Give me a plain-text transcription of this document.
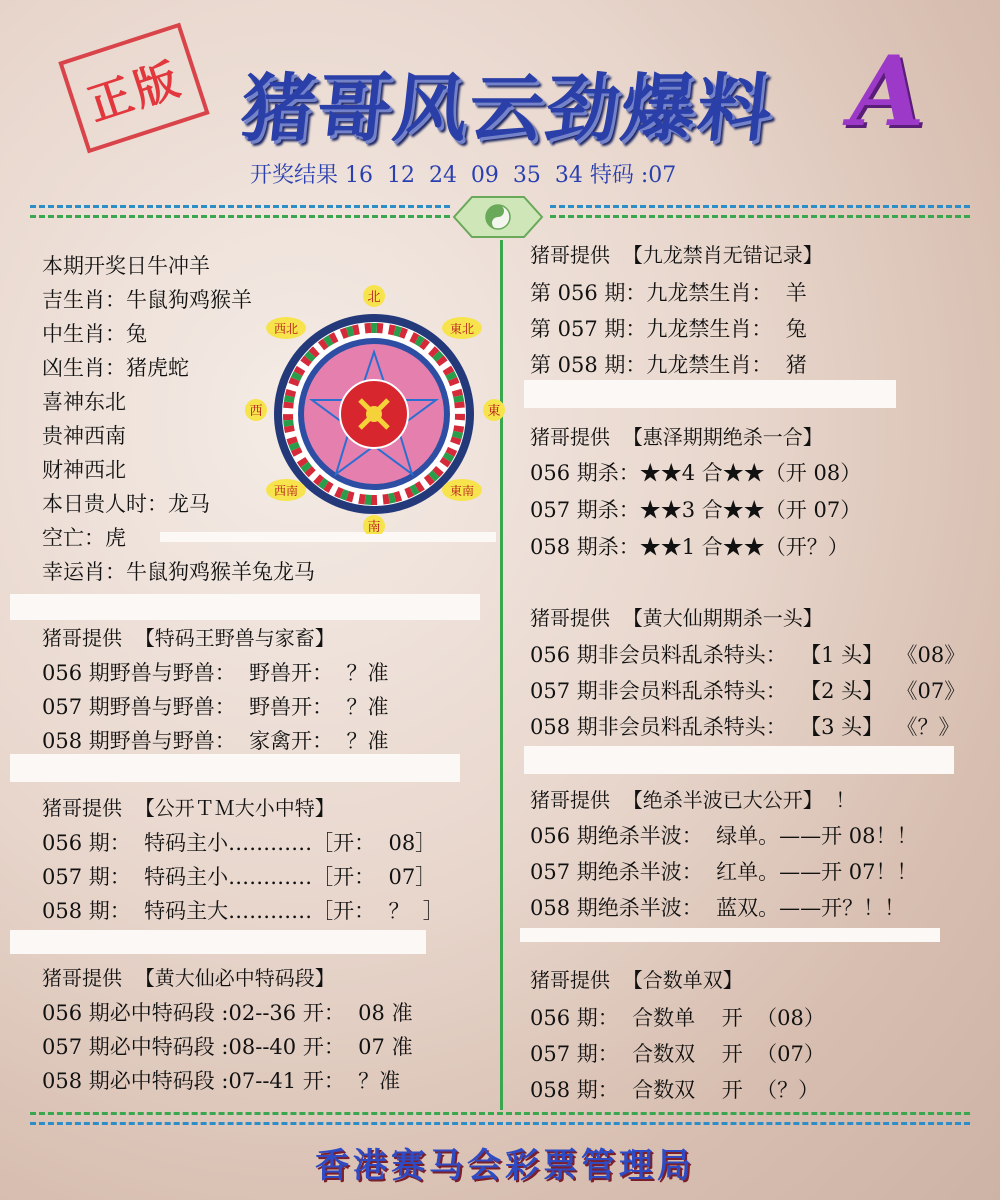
正版 猪哥风云劲爆料 A
开奖结果 16  12  24  09  35  34 特码 :07
本期开奖日牛冲羊
吉生肖：牛鼠狗鸡猴羊
中生肖：兔
凶生肖：猪虎蛇
喜神东北
贵神西南
财神西北
本日贵人时：龙马
空亡：虎
幸运肖：牛鼠狗鸡猴羊兔龙马
北
南
西	東
西北	東北
西南	東南
猪哥提供  【特码王野兽与家畜】
056 期野兽与野兽：  野兽开：  ？准
057 期野兽与野兽：  野兽开：  ？准
058 期野兽与野兽：  家禽开：  ？准
猪哥提供  【公开ＴＭ大小中特】
056 期：  特码主小…………［开：  08］
057 期：  特码主小…………［开：  07］
058 期：  特码主大…………［开：  ？  ］
猪哥提供  【黄大仙必中特码段】
056 期必中特码段 :02--36 开：  08 准
057 期必中特码段 :08--40 开：  07 准
058 期必中特码段 :07--41 开：  ？准
猪哥提供  【九龙禁肖无错记录】
第 056 期：九龙禁生肖：  羊
第 057 期：九龙禁生肖：  兔
第 058 期：九龙禁生肖：  猪
猪哥提供  【惠泽期期绝杀一合】
056 期杀：★★4 合★★（开 08）
057 期杀：★★3 合★★（开 07）
058 期杀：★★1 合★★（开？）
猪哥提供  【黄大仙期期杀一头】
056 期非会员料乱杀特头：  【1 头】  《08》
057 期非会员料乱杀特头：  【2 头】  《07》
058 期非会员料乱杀特头：  【3 头】  《？》
猪哥提供  【绝杀半波已大公开】  ！
056 期绝杀半波：  绿单。——开 08！！
057 期绝杀半波：  红单。——开 07！！
058 期绝杀半波：  蓝双。——开？！！
猪哥提供  【合数单双】
056 期：  合数单    开  （08）
057 期：  合数双    开  （07）
058 期：  合数双    开  （？）
香港赛马会彩票管理局
